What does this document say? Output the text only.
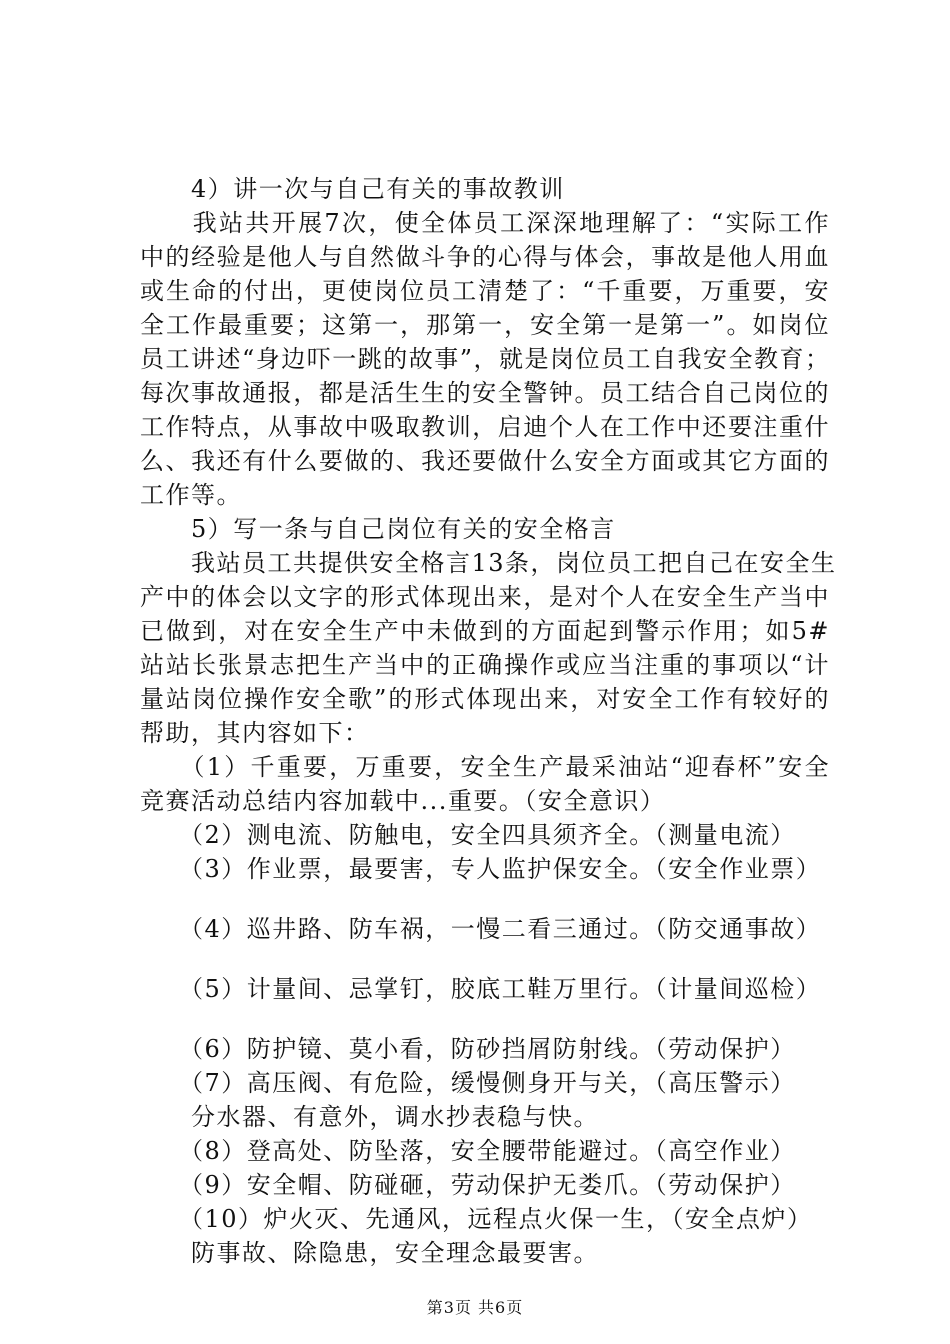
　　4）讲一次与自己有关的事故教训
　　我站共开展7次，使全体员工深深地理解了：“实际工作
中的经验是他人与自然做斗争的心得与体会，事故是他人用血
或生命的付出，更使岗位员工清楚了：“千重要，万重要，安
全工作最重要；这第一，那第一，安全第一是第一”。如岗位
员工讲述“身边吓一跳的故事”，就是岗位员工自我安全教育；
每次事故通报，都是活生生的安全警钟。员工结合自己岗位的
工作特点，从事故中吸取教训，启迪个人在工作中还要注重什
么、我还有什么要做的、我还要做什么安全方面或其它方面的
工作等。
　　5）写一条与自己岗位有关的安全格言
　　我站员工共提供安全格言13条，岗位员工把自己在安全生
产中的体会以文字的形式体现出来，是对个人在安全生产当中
已做到，对在安全生产中未做到的方面起到警示作用；如5#
站站长张景志把生产当中的正确操作或应当注重的事项以“计
量站岗位操作安全歌”的形式体现出来，对安全工作有较好的
帮助，其内容如下：
　　（1）千重要，万重要，安全生产最采油站“迎春杯”安全
竞赛活动总结内容加载中...重要。（安全意识）
　　（2）测电流、防触电，安全四具须齐全。（测量电流）
　　（3）作业票，最要害，专人监护保安全。（安全作业票）
　　（4）巡井路、防车祸，一慢二看三通过。（防交通事故）
　　（5）计量间、忌掌钉，胶底工鞋万里行。（计量间巡检）
　　（6）防护镜、莫小看，防砂挡屑防射线。（劳动保护）
　　（7）高压阀、有危险，缓慢侧身开与关，（高压警示）
　　分水器、有意外，调水抄表稳与快。
　　（8）登高处、防坠落，安全腰带能避过。（高空作业）
　　（9）安全帽、防碰砸，劳动保护无娄爪。（劳动保护）
　　（10）炉火灭、先通风，远程点火保一生，（安全点炉）
　　防事故、除隐患，安全理念最要害。
第3页 共6页
